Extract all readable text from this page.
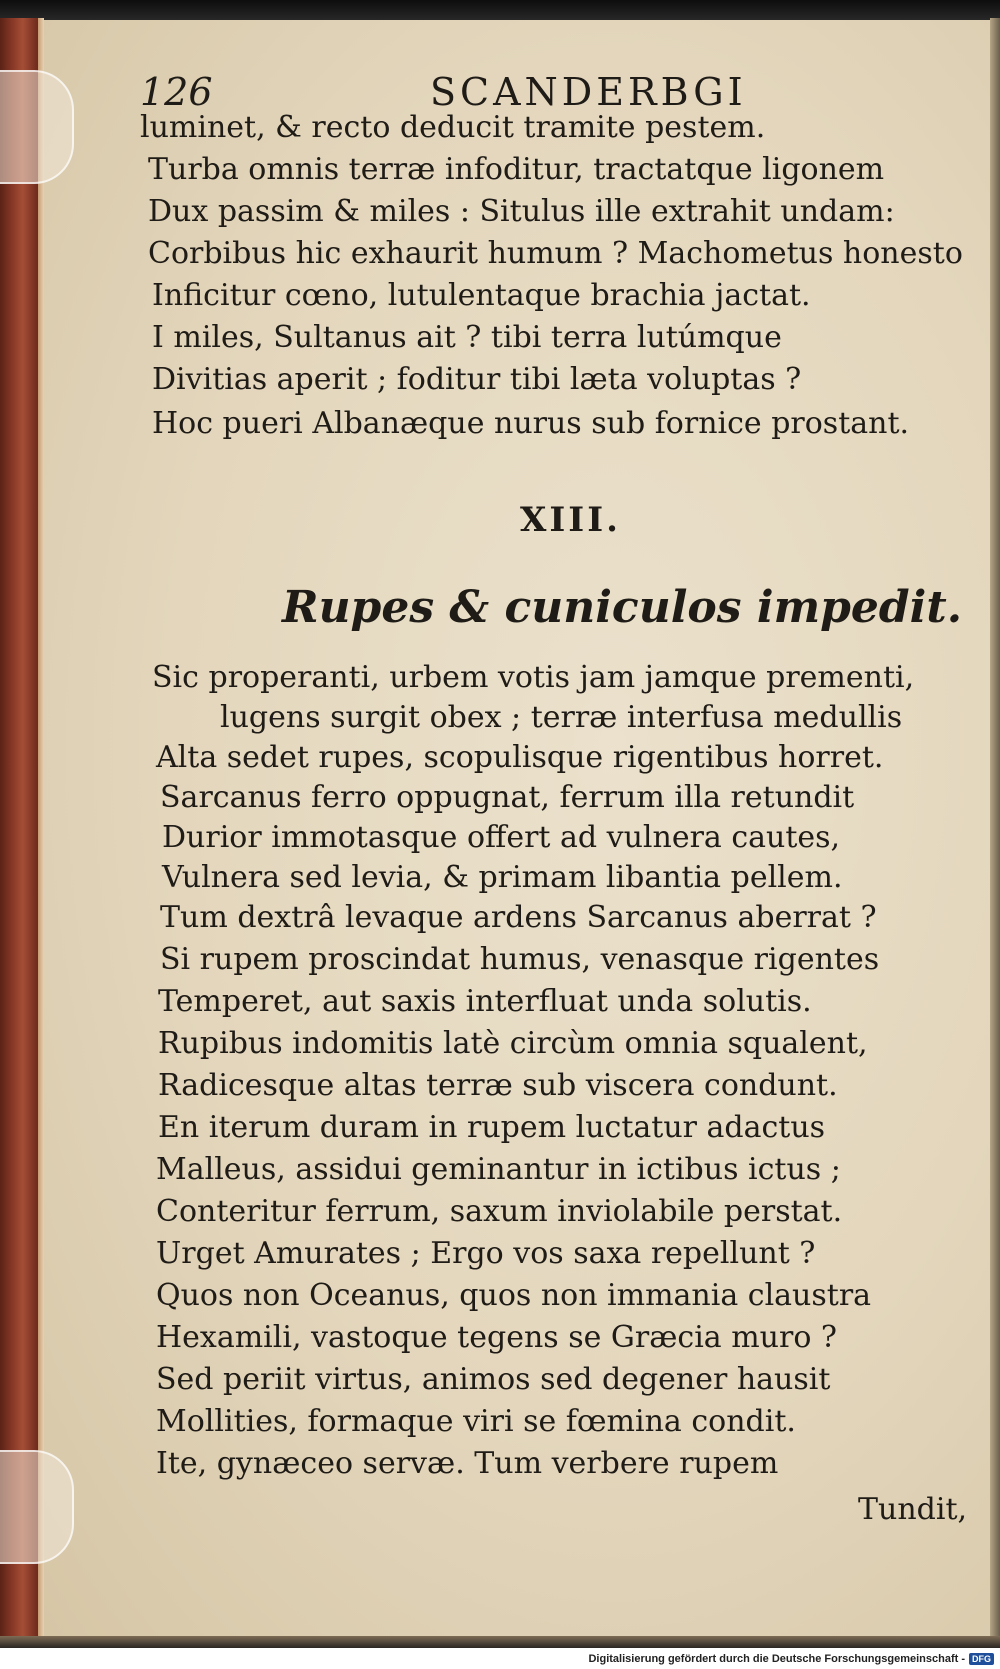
126	SCANDERBGI
luminet, & recto deducit tramite pestem.
Turba omnis terræ infoditur, tractatque ligonem
Dux passim & miles : Situlus ille extrahit undam:
Corbibus hic exhaurit humum ? Machometus honesto
Inficitur cœno, lutulentaque brachia jactat.
I miles, Sultanus ait ? tibi terra lutúmque
Divitias aperit ; foditur tibi læta voluptas ?
Hoc pueri Albanæque nurus sub fornice prostant.
XIII.
Rupes & cuniculos impedit.
Sic properanti, urbem votis jam jamque prementi,
lugens surgit obex ; terræ interfusa medullis
Alta sedet rupes, scopulisque rigentibus horret.
Sarcanus ferro oppugnat, ferrum illa retundit
Durior immotasque offert ad vulnera cautes,
Vulnera sed levia, & primam libantia pellem.
Tum dextrâ levaque ardens Sarcanus aberrat ?
Si rupem proscindat humus, venasque rigentes
Temperet, aut saxis interfluat unda solutis.
Rupibus indomitis latè circùm omnia squalent,
Radicesque altas terræ sub viscera condunt.
En iterum duram in rupem luctatur adactus
Malleus, assidui geminantur in ictibus ictus ;
Conteritur ferrum, saxum inviolabile perstat.
Urget Amurates ; Ergo vos saxa repellunt ?
Quos non Oceanus, quos non immania claustra
Hexamili, vastoque tegens se Græcia muro ?
Sed periit virtus, animos sed degener hausit
Mollities, formaque viri se fœmina condit.
Ite, gynæceo servæ. Tum verbere rupem
Tundit,
Digitalisierung gefördert durch die Deutsche Forschungsgemeinschaft - DFG
